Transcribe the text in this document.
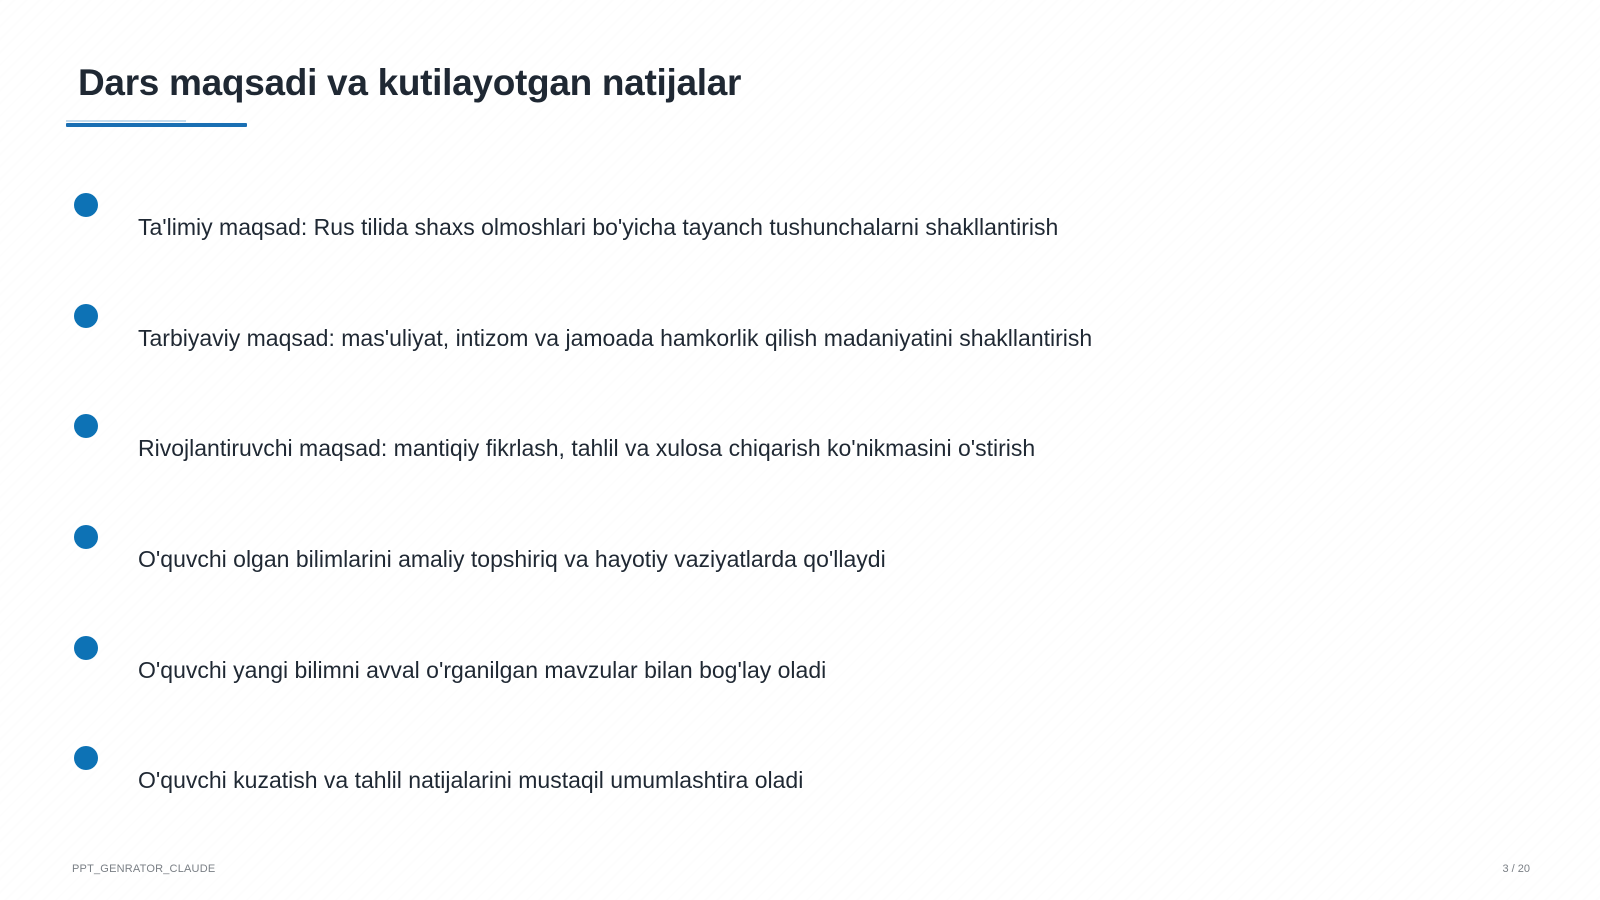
Dars maqsadi va kutilayotgan natijalar
Ta'limiy maqsad: Rus tilida shaxs olmoshlari bo'yicha tayanch tushunchalarni shakllantirish
Tarbiyaviy maqsad: mas'uliyat, intizom va jamoada hamkorlik qilish madaniyatini shakllantirish
Rivojlantiruvchi maqsad: mantiqiy fikrlash, tahlil va xulosa chiqarish ko'nikmasini o'stirish
O'quvchi olgan bilimlarini amaliy topshiriq va hayotiy vaziyatlarda qo'llaydi
O'quvchi yangi bilimni avval o'rganilgan mavzular bilan bog'lay oladi
O'quvchi kuzatish va tahlil natijalarini mustaqil umumlashtira oladi
PPT_GENRATOR_CLAUDE	3 / 20
